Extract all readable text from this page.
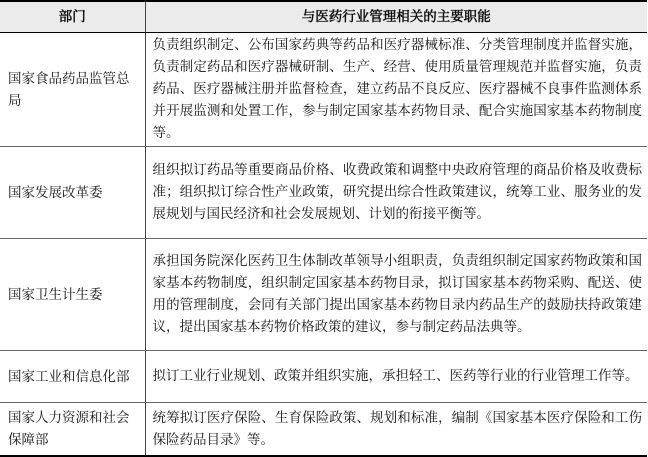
部门	与医药行业管理相关的主要职能
国家食品药品监管总局	负责组织制定、公布国家药典等药品和医疗器械标准、分类管理制度并监督实施，负责制定药品和医疗器械研制、生产、经营、使用质量管理规范并监督实施，负责药品、医疗器械注册并监督检查，建立药品不良反应、医疗器械不良事件监测体系并开展监测和处置工作，参与制定国家基本药物目录、配合实施国家基本药物制度等。
国家发展改革委	组织拟订药品等重要商品价格、收费政策和调整中央政府管理的商品价格及收费标准；组织拟订综合性产业政策，研究提出综合性政策建议，统筹工业、服务业的发展规划与国民经济和社会发展规划、计划的衔接平衡等。
国家卫生计生委	承担国务院深化医药卫生体制改革领导小组职责，负责组织制定国家药物政策和国家基本药物制度，组织制定国家基本药物目录，拟订国家基本药物采购、配送、使用的管理制度，会同有关部门提出国家基本药物目录内药品生产的鼓励扶持政策建议，提出国家基本药物价格政策的建议，参与制定药品法典等。
国家工业和信息化部	拟订工业行业规划、政策并组织实施，承担轻工、医药等行业的行业管理工作等。
国家人力资源和社会保障部	统筹拟订医疗保险、生育保险政策、规划和标准，编制《国家基本医疗保险和工伤保险药品目录》等。
